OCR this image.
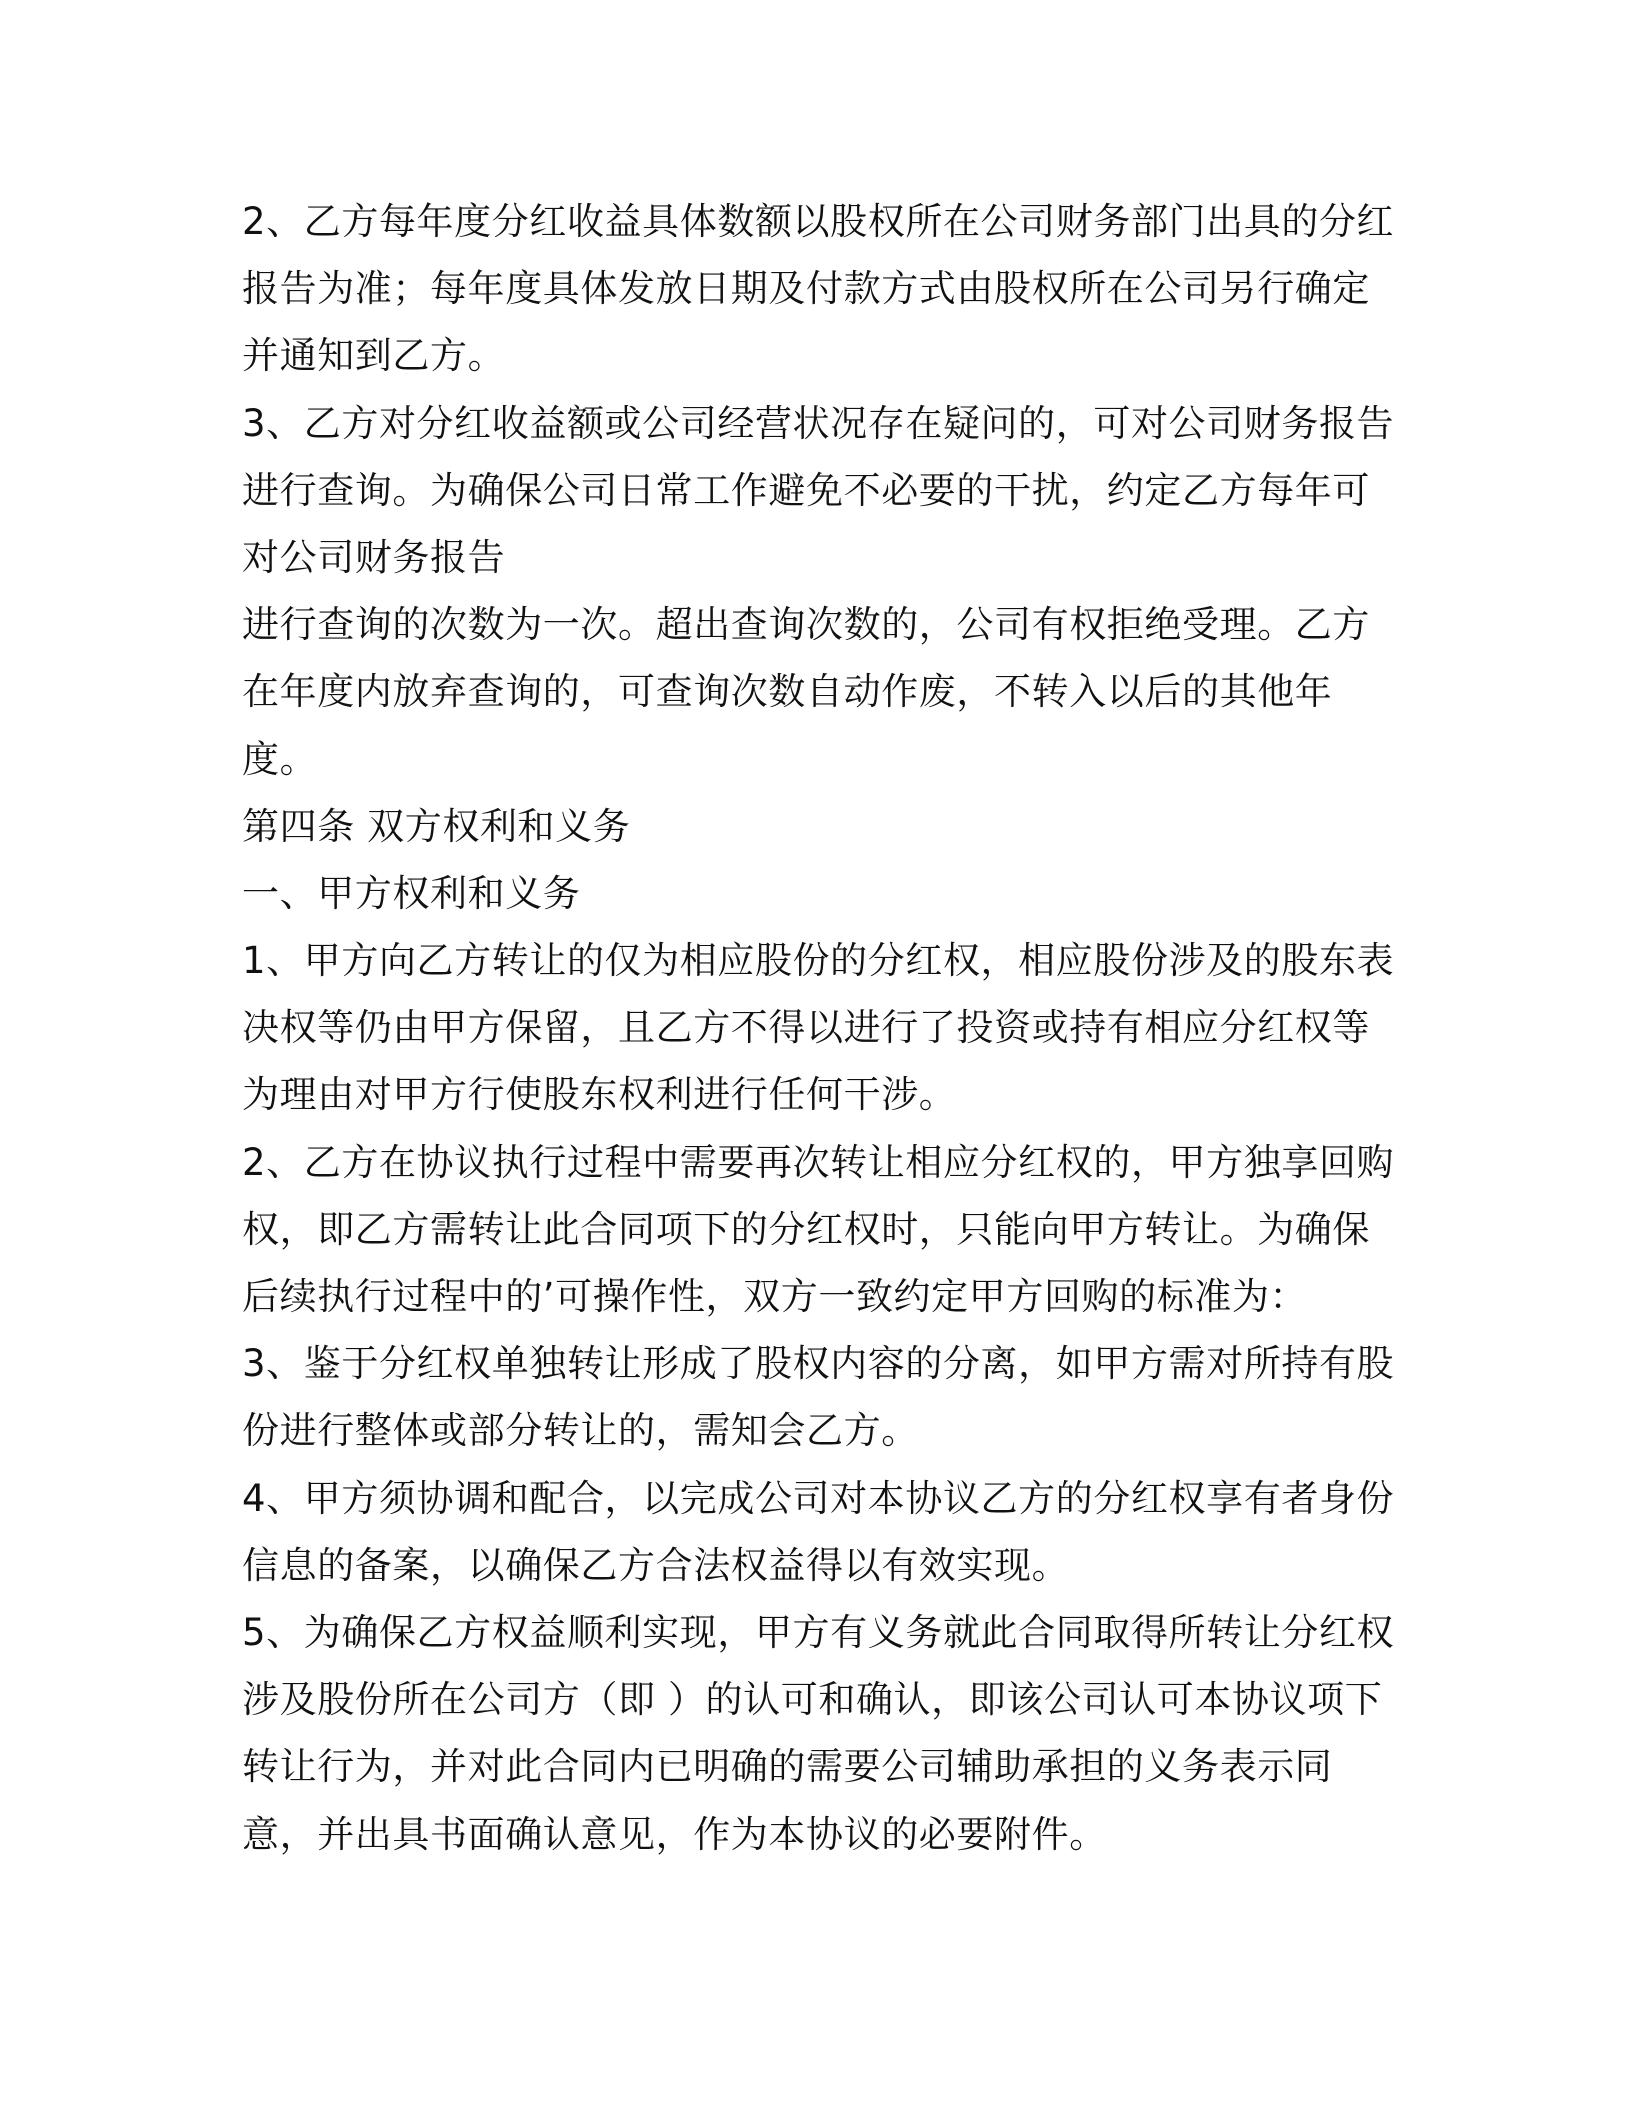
2、乙方每年度分红收益具体数额以股权所在公司财务部门出具的分红
报告为准；每年度具体发放日期及付款方式由股权所在公司另行确定
并通知到乙方。
3、乙方对分红收益额或公司经营状况存在疑问的，可对公司财务报告
进行查询。为确保公司日常工作避免不必要的干扰，约定乙方每年可
对公司财务报告
进行查询的次数为一次。超出查询次数的，公司有权拒绝受理。乙方
在年度内放弃查询的，可查询次数自动作废，不转入以后的其他年
度。
第四条 双方权利和义务
一、甲方权利和义务
1、甲方向乙方转让的仅为相应股份的分红权，相应股份涉及的股东表
决权等仍由甲方保留，且乙方不得以进行了投资或持有相应分红权等
为理由对甲方行使股东权利进行任何干涉。
2、乙方在协议执行过程中需要再次转让相应分红权的，甲方独享回购
权，即乙方需转让此合同项下的分红权时，只能向甲方转让。为确保
后续执行过程中的’可操作性，双方一致约定甲方回购的标准为：
3、鉴于分红权单独转让形成了股权内容的分离，如甲方需对所持有股
份进行整体或部分转让的，需知会乙方。
4、甲方须协调和配合，以完成公司对本协议乙方的分红权享有者身份
信息的备案，以确保乙方合法权益得以有效实现。
5、为确保乙方权益顺利实现，甲方有义务就此合同取得所转让分红权
涉及股份所在公司方（即 ）的认可和确认，即该公司认可本协议项下
转让行为，并对此合同内已明确的需要公司辅助承担的义务表示同
意，并出具书面确认意见，作为本协议的必要附件。
